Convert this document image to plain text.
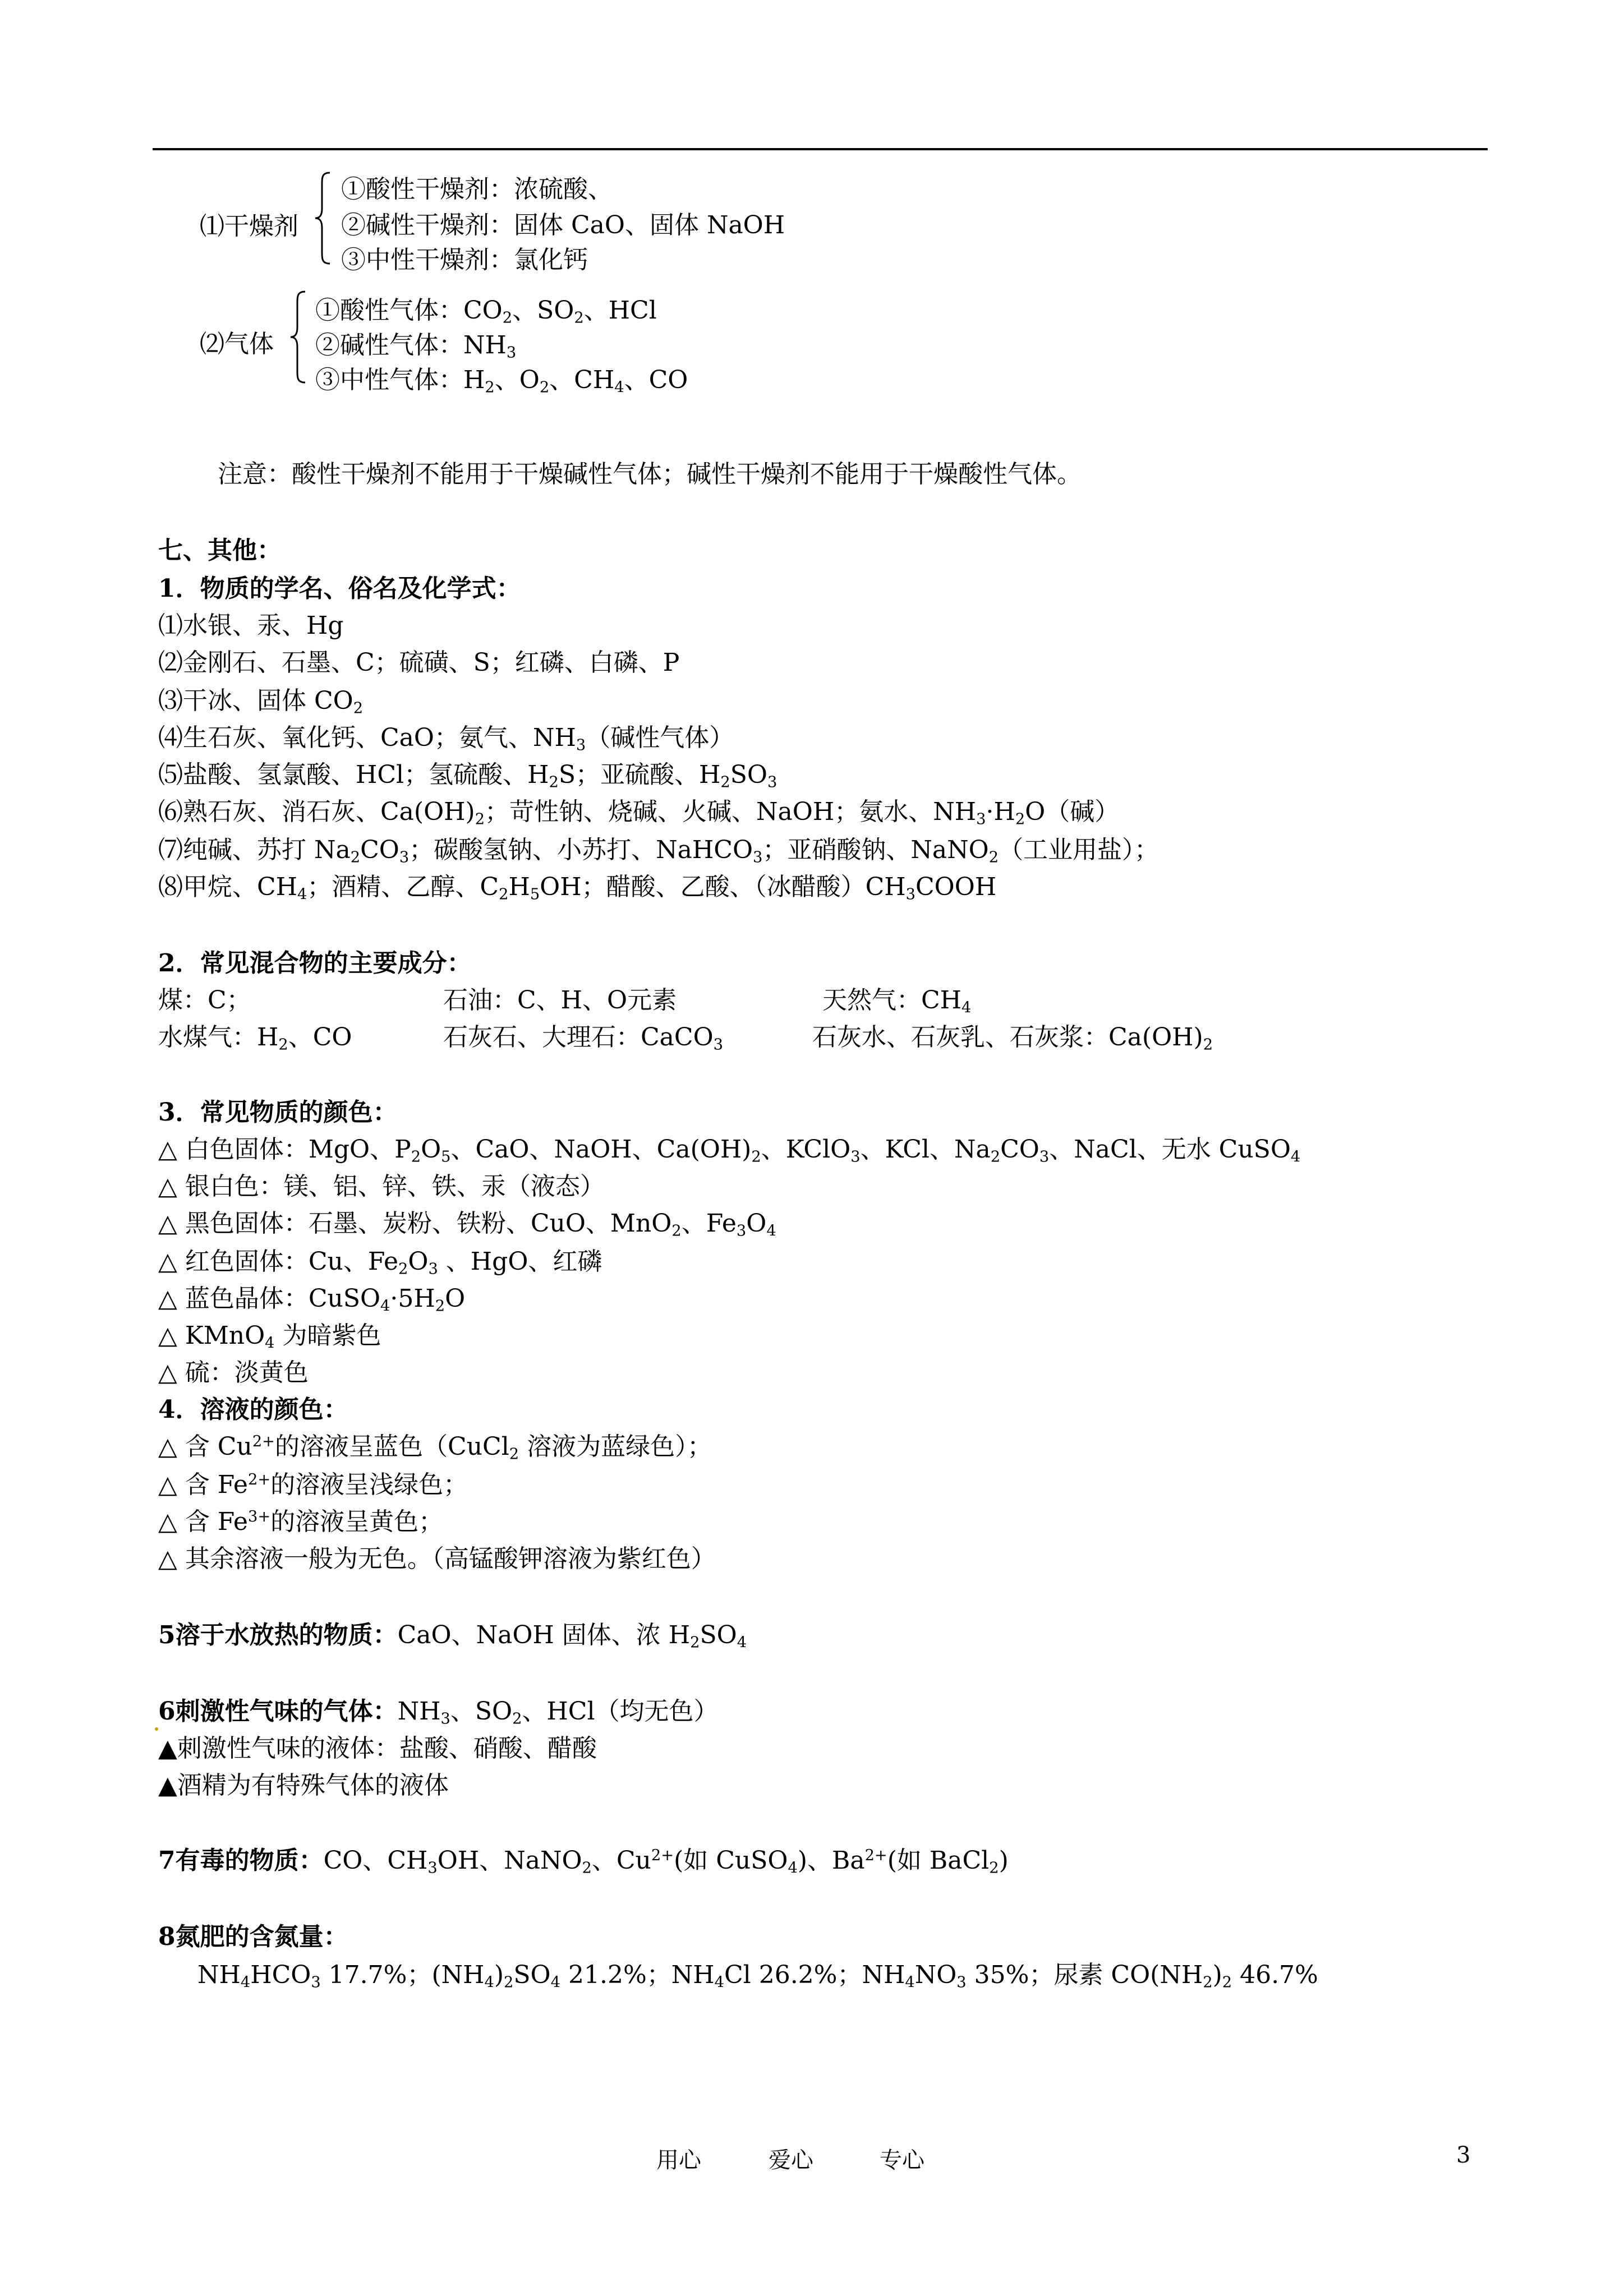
⑴干燥剂
①酸性干燥剂：浓硫酸、
②碱性干燥剂：固体 CaO、固体 NaOH
③中性干燥剂：氯化钙
⑵气体
①酸性气体：$CO_2$、$SO_2$、HCl
②碱性气体：$NH_3$
③中性气体：$H_2$、$O_2$、$CH_4$、CO
注意：酸性干燥剂不能用于干燥碱性气体；碱性干燥剂不能用于干燥酸性气体。
七、其他：
1．物质的学名、俗名及化学式：
⑴水银、汞、Hg
⑵金刚石、石墨、C；硫磺、S；红磷、白磷、P
⑶干冰、固体 $CO_2$
⑷生石灰、氧化钙、CaO；氨气、$NH_3$（碱性气体）
⑸盐酸、氢氯酸、HCl；氢硫酸、$H_2S$；亚硫酸、$H_2SO_3$
⑹熟石灰、消石灰、$Ca(OH)_2$；苛性钠、烧碱、火碱、NaOH；氨水、$NH_3\cdot H_2O$（碱）
⑺纯碱、苏打 $Na_2CO_3$；碳酸氢钠、小苏打、NaHCO$_3$；亚硝酸钠、NaNO$_2$（工业用盐）；
⑻甲烷、$CH_4$；酒精、乙醇、$C_2H_5OH$；醋酸、乙酸、（冰醋酸）$CH_3COOH$
2．常见混合物的主要成分：
煤：C；	石油：C、H、O元素	天然气：$CH_4$
水煤气：$H_2$、CO	石灰石、大理石：CaCO$_3$	石灰水、石灰乳、石灰浆：$Ca(OH)_2$
3．常见物质的颜色：
△ 白色固体：MgO、$P_2O_5$、CaO、NaOH、$Ca(OH)_2$、KClO$_3$、KCl、$Na_2CO_3$、NaCl、无水 CuSO$_4$
△ 银白色：镁、铝、锌、铁、汞（液态）
△ 黑色固体：石墨、炭粉、铁粉、CuO、MnO$_2$、$Fe_3O_4$
△ 红色固体：Cu、$Fe_2O_3$ 、HgO、红磷
△ 蓝色晶体：$CuSO_4\cdot 5H_2O$
△ KMnO$_4$ 为暗紫色
△ 硫：淡黄色
4．溶液的颜色：
△ 含 $Cu^{2+}$的溶液呈蓝色（CuCl$_2$ 溶液为蓝绿色）；
△ 含 $Fe^{2+}$的溶液呈浅绿色；
△ 含 $Fe^{3+}$的溶液呈黄色；
△ 其余溶液一般为无色。（高锰酸钾溶液为紫红色）
5溶于水放热的物质：CaO、NaOH 固体、浓 $H_2SO_4$
6刺激性气味的气体：$NH_3$、$SO_2$、HCl（均无色）
▲刺激性气味的液体：盐酸、硝酸、醋酸
▲酒精为有特殊气体的液体
7有毒的物质：CO、$CH_3OH$、NaNO$_2$、$Cu^{2+}$(如 CuSO$_4$)、$Ba^{2+}$(如 BaCl$_2$)
8氮肥的含氮量：
$NH_4HCO_3$ 17.7%；$(NH_4)_2SO_4$ 21.2%；$NH_4Cl$ 26.2%；$NH_4NO_3$ 35%；尿素 $CO(NH_2)_2$ 46.7%
用心	爱心	专心	3
